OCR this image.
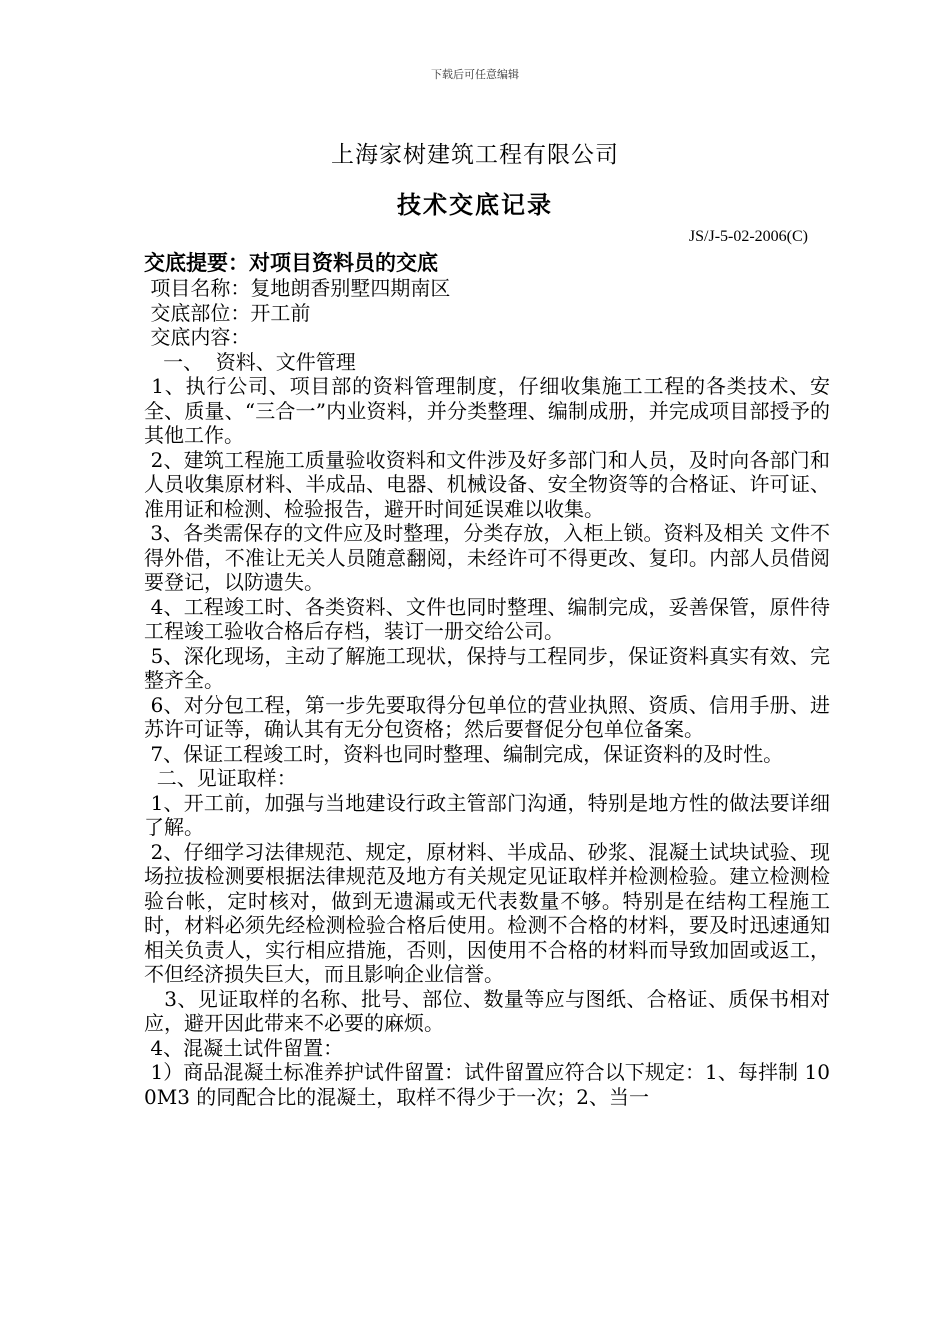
下载后可任意编辑
上海家树建筑工程有限公司
技术交底记录
JS/J-5-02-2006(C)

交底提要：对项目资料员的交底

项目名称：复地朗香别墅四期南区

交底部位：开工前

交底内容：

一、  资料、文件管理

1、执行公司、项目部的资料管理制度，仔细收集施工工程的各类技术、安全、质量、“三合一”内业资料，并分类整理、编制成册，并完成项目部授予的其他工作。

2、建筑工程施工质量验收资料和文件涉及好多部门和人员，及时向各部门和人员收集原材料、半成品、电器、机械设备、安全物资等的合格证、许可证、准用证和检测、检验报告，避开时间延误难以收集。

3、各类需保存的文件应及时整理，分类存放，入柜上锁。资料及相关 文件不得外借，不准让无关人员随意翻阅，未经许可不得更改、复印。内部人员借阅要登记，以防遗失。

4、工程竣工时、各类资料、文件也同时整理、编制完成，妥善保管，原件待工程竣工验收合格后存档，装订一册交给公司。

5、深化现场，主动了解施工现状，保持与工程同步，保证资料真实有效、完整齐全。

6、对分包工程，第一步先要取得分包单位的营业执照、资质、信用手册、进苏许可证等，确认其有无分包资格；然后要督促分包单位备案。

7、保证工程竣工时，资料也同时整理、编制完成，保证资料的及时性。

二、见证取样：

1、开工前，加强与当地建设行政主管部门沟通，特别是地方性的做法要详细了解。

2、仔细学习法律规范、规定，原材料、半成品、砂浆、混凝土试块试验、现场拉拔检测要根据法律规范及地方有关规定见证取样并检测检验。建立检测检验台帐，定时核对，做到无遗漏或无代表数量不够。特别是在结构工程施工时，材料必须先经检测检验合格后使用。检测不合格的材料，要及时迅速通知相关负责人，实行相应措施，否则，因使用不合格的材料而导致加固或返工，不但经济损失巨大，而且影响企业信誉。

3、见证取样的名称、批号、部位、数量等应与图纸、合格证、质保书相对应，避开因此带来不必要的麻烦。

4、混凝土试件留置：

1）商品混凝土标准养护试件留置：试件留置应符合以下规定：1、每拌制 100M3 的同配合比的混凝土，取样不得少于一次；2、当一
